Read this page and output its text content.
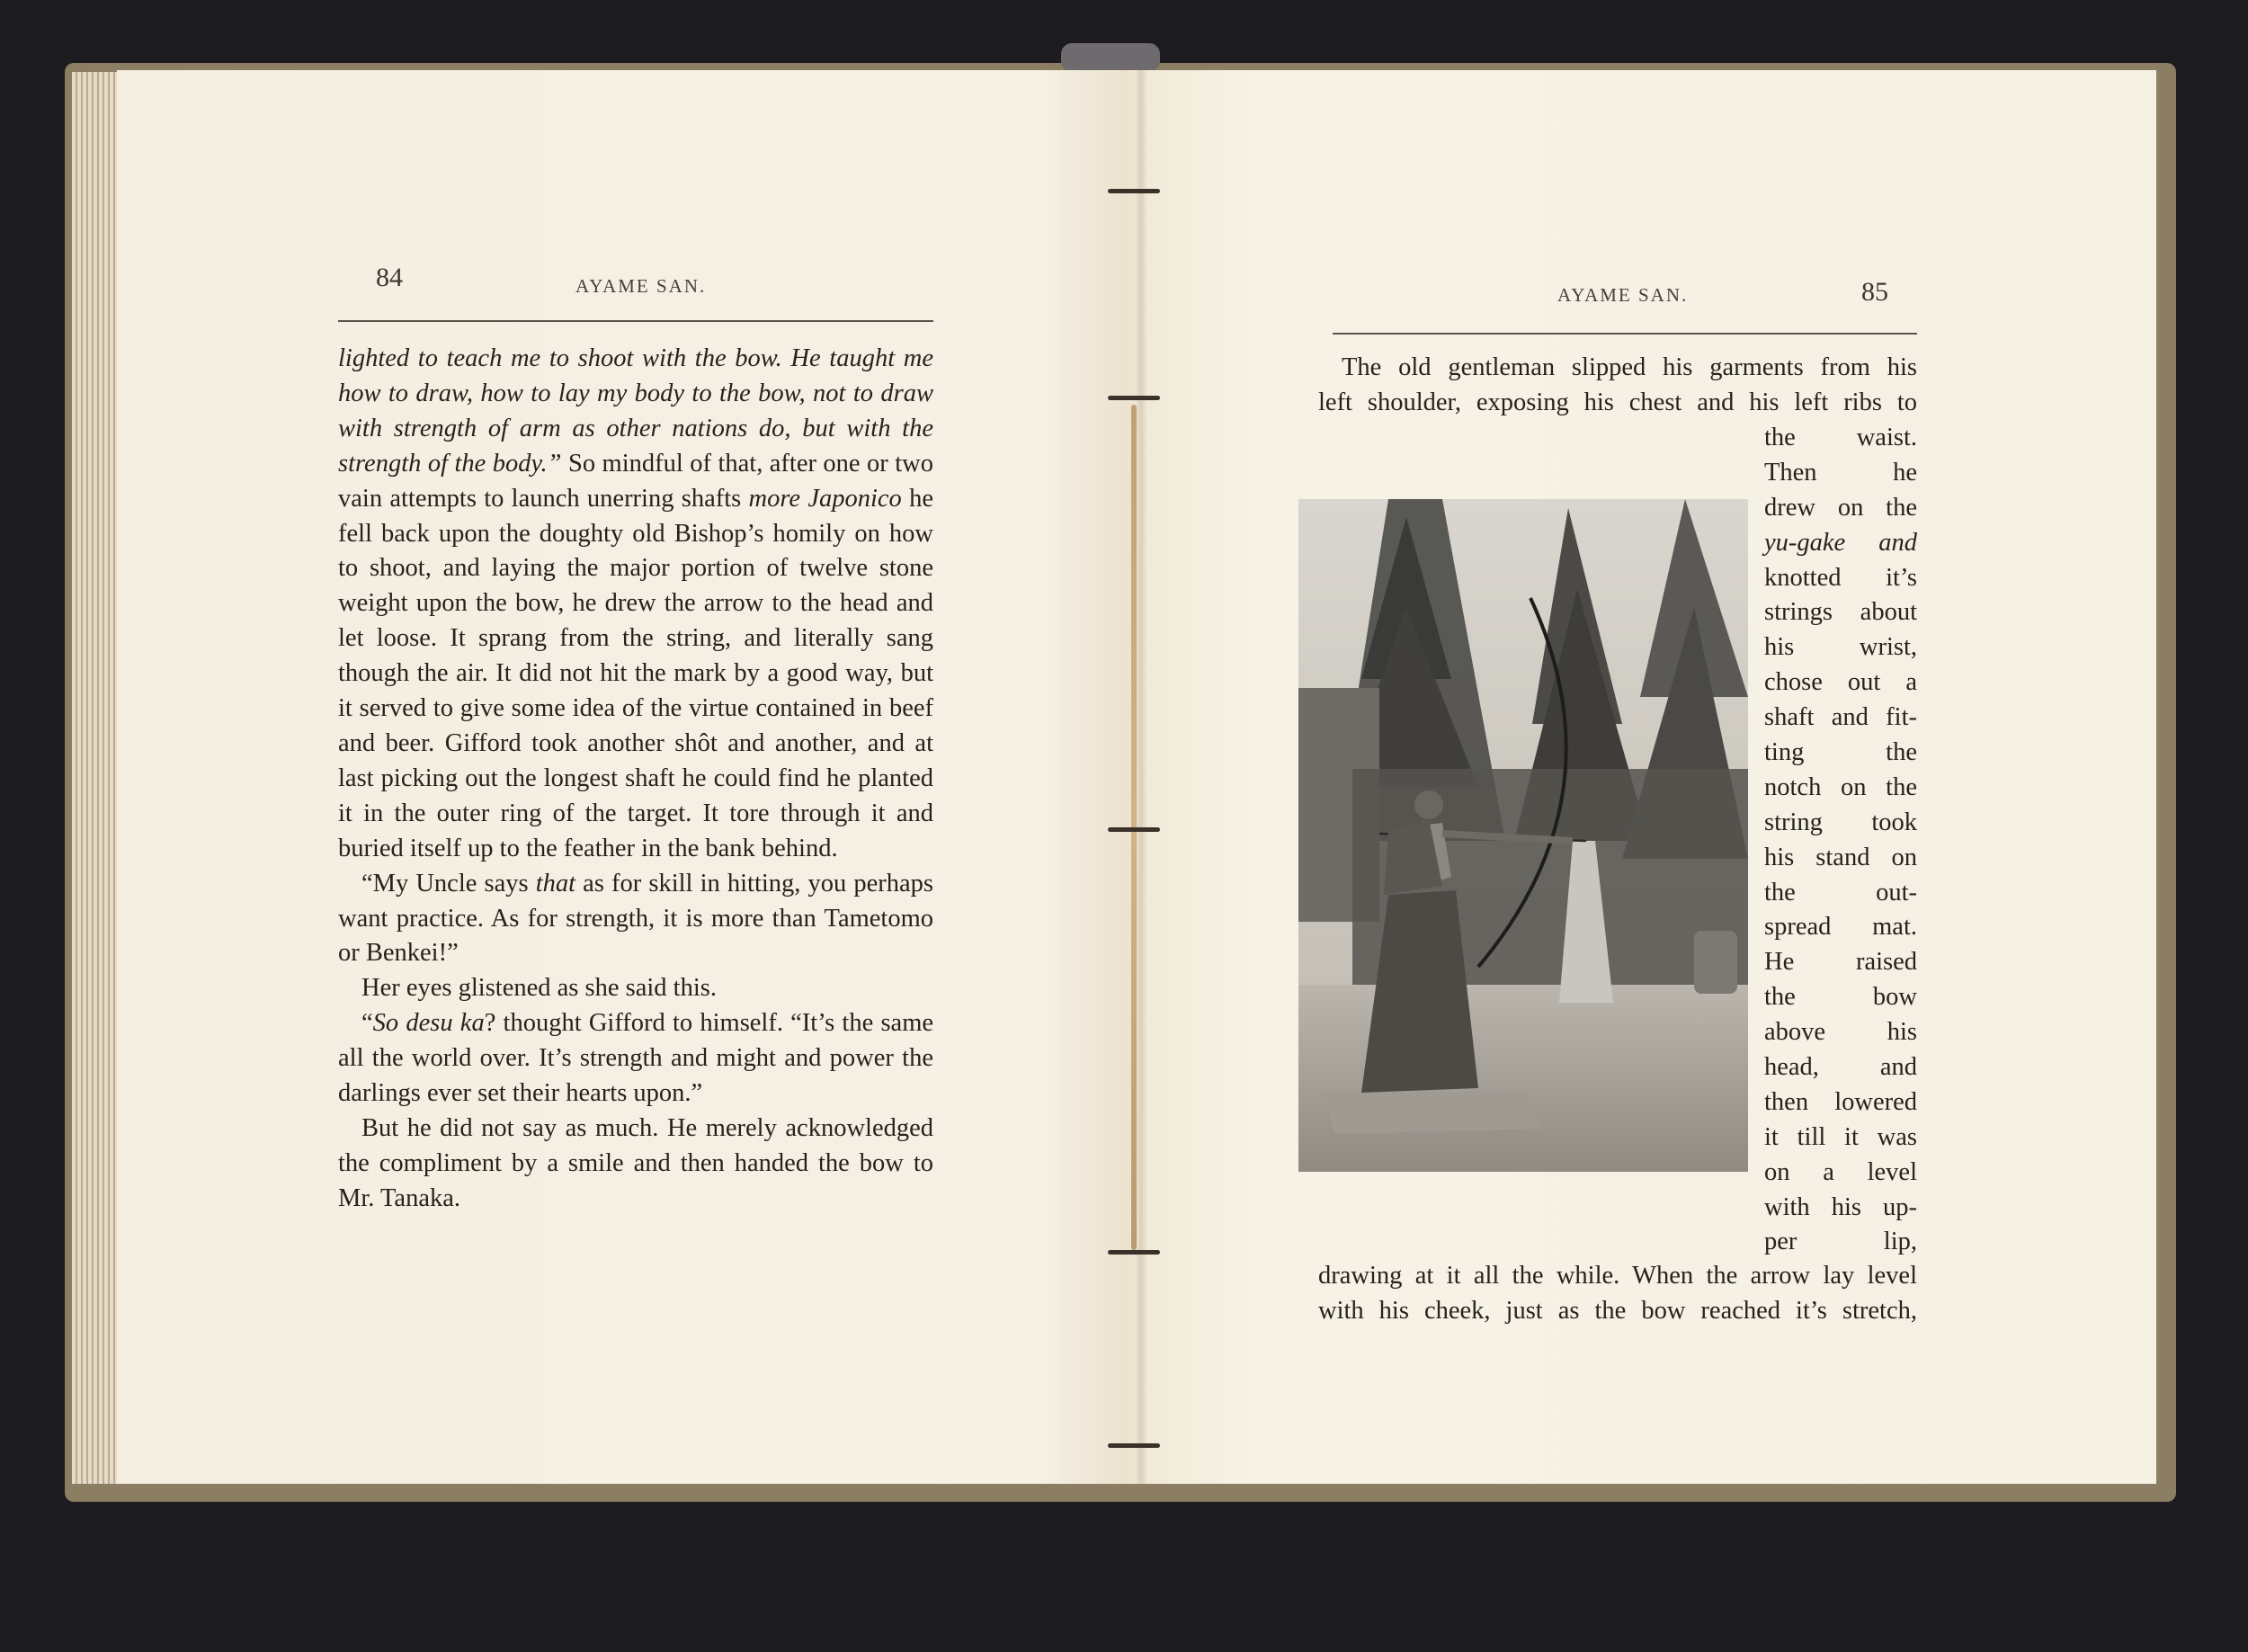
84	AYAME SAN.

lighted to teach me to shoot with the bow. He taught me how to draw, how to lay my body to the bow, not to draw with strength of arm as other nations do, but with the strength of the body.” So mindful of that, after one or two vain attempts to launch unerring shafts more Japonico he fell back upon the doughty old Bishop’s homily on how to shoot, and laying the major portion of twelve stone weight upon the bow, he drew the arrow to the head and let loose. It sprang from the string, and literally sang though the air. It did not hit the mark by a good way, but it served to give some idea of the virtue contained in beef and beer. Gifford took another shôt and another, and at last picking out the longest shaft he could find he planted it in the outer ring of the target. It tore through it and buried itself up to the feather in the bank behind.

“My Uncle says that as for skill in hitting, you perhaps want practice. As for strength, it is more than Tametomo or Benkei!”

Her eyes glistened as she said this.

“So desu ka? thought Gifford to himself. “It’s the same all the world over. It’s strength and might and power the darlings ever set their hearts upon.”

But he did not say as much. He merely acknowledged the compliment by a smile and then handed the bow to Mr. Tanaka.

AYAME SAN.	85

The old gentleman slipped his garments from his

left shoulder, exposing his chest and his left ribs to

the waist.
Then he
drew on the
yu-gake and
knotted it’s
strings about
his wrist,
chose out a
shaft and fit-
ting the
notch on the
string took
his stand on
the out-
spread mat.
He raised
the bow
above his
head, and
then lowered
it till it was
on a level
with his up-
per lip,

drawing at it all the while. When the arrow lay level

with his cheek, just as the bow reached it’s stretch,
